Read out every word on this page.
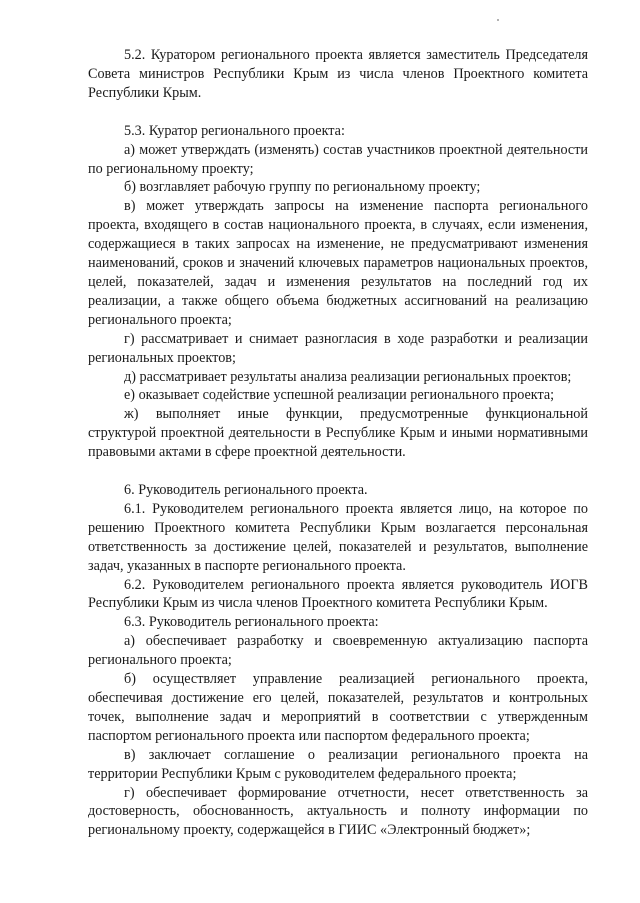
5.2. Куратором регионального проекта является заместитель Председателя Совета министров Республики Крым из числа членов Проектного комитета Республики Крым.

5.3. Куратор регионального проекта:

а) может утверждать (изменять) состав участников проектной деятельности по региональному проекту;

б) возглавляет рабочую группу по региональному проекту;

в) может утверждать запросы на изменение паспорта регионального проекта, входящего в состав национального проекта, в случаях, если изменения, содержащиеся в таких запросах на изменение, не предусматривают изменения наименований, сроков и значений ключевых параметров национальных проектов, целей, показателей, задач и изменения результатов на последний год их реализации, а также общего объема бюджетных ассигнований на реализацию регионального проекта;

г) рассматривает и снимает разногласия в ходе разработки и реализации региональных проектов;

д) рассматривает результаты анализа реализации региональных проектов;

е) оказывает содействие успешной реализации регионального проекта;

ж) выполняет иные функции, предусмотренные функциональной структурой проектной деятельности в Республике Крым и иными нормативными правовыми актами в сфере проектной деятельности.

6. Руководитель регионального проекта.

6.1. Руководителем регионального проекта является лицо, на которое по решению Проектного комитета Республики Крым возлагается персональная ответственность за достижение целей, показателей и результатов, выполнение задач, указанных в паспорте регионального проекта.

6.2. Руководителем регионального проекта является руководитель ИОГВ Республики Крым из числа членов Проектного комитета Республики Крым.

6.3. Руководитель регионального проекта:

а) обеспечивает разработку и своевременную актуализацию паспорта регионального проекта;

б) осуществляет управление реализацией регионального проекта, обеспечивая достижение его целей, показателей, результатов и контрольных точек, выполнение задач и мероприятий в соответствии с утвержденным паспортом регионального проекта или паспортом федерального проекта;

в) заключает соглашение о реализации регионального проекта на территории Республики Крым с руководителем федерального проекта;

г) обеспечивает формирование отчетности, несет ответственность за достоверность, обоснованность, актуальность и полноту информации по региональному проекту, содержащейся в ГИИС «Электронный бюджет»;
